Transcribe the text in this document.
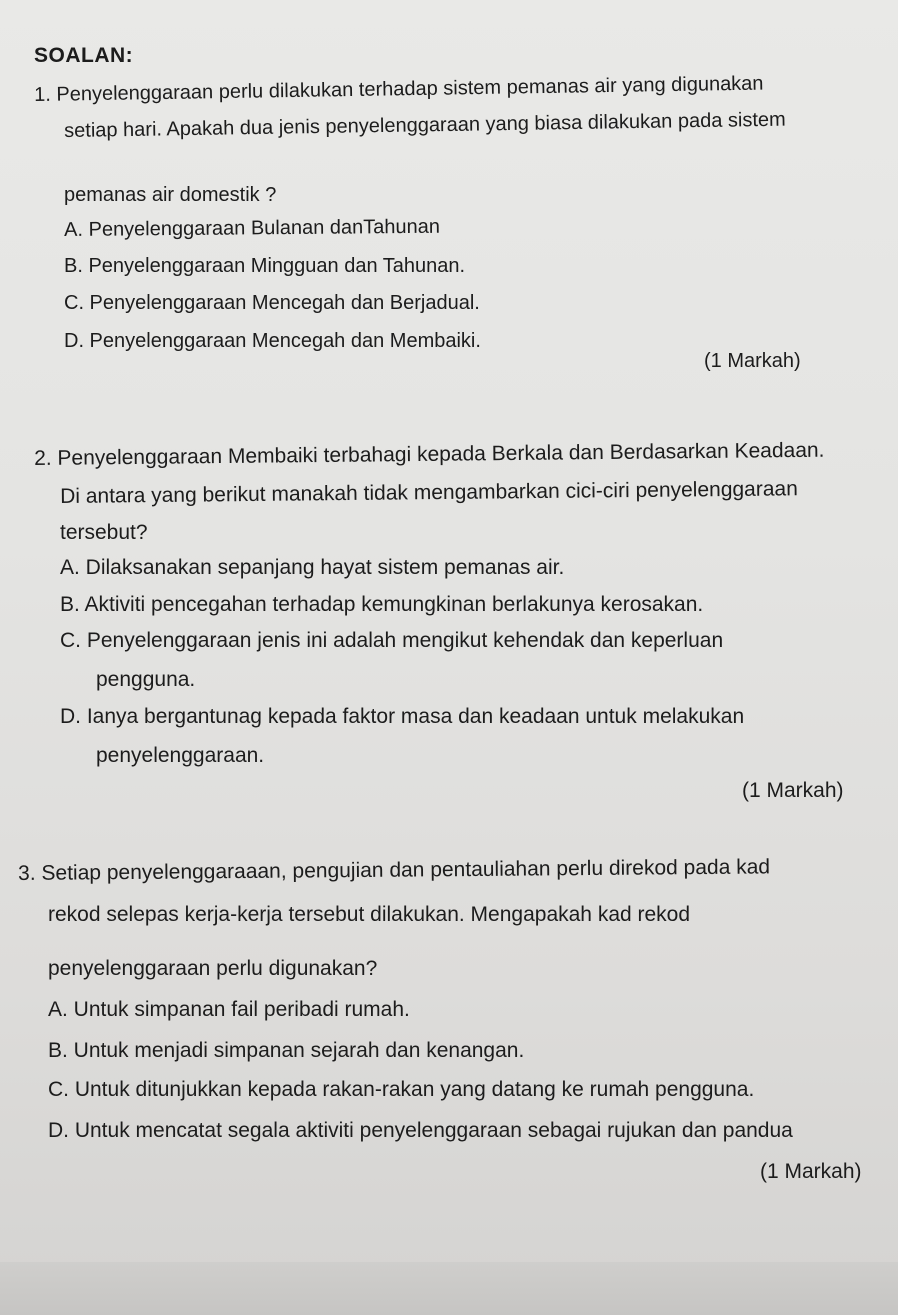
SOALAN:
1. Penyelenggaraan perlu dilakukan terhadap sistem pemanas air yang digunakan
setiap hari. Apakah dua jenis penyelenggaraan yang biasa dilakukan pada sistem
pemanas air domestik ?
A. Penyelenggaraan Bulanan danTahunan
B. Penyelenggaraan Mingguan dan Tahunan.
C. Penyelenggaraan Mencegah dan Berjadual.
D. Penyelenggaraan Mencegah dan Membaiki.
(1 Markah)
2. Penyelenggaraan Membaiki terbahagi kepada Berkala dan Berdasarkan Keadaan.
Di antara yang berikut manakah tidak mengambarkan cici-ciri penyelenggaraan
tersebut?
A. Dilaksanakan sepanjang hayat sistem pemanas air.
B. Aktiviti pencegahan terhadap kemungkinan berlakunya kerosakan.
C. Penyelenggaraan jenis ini adalah mengikut kehendak dan keperluan
pengguna.
D. Ianya bergantunag kepada faktor masa dan keadaan untuk melakukan
penyelenggaraan.
(1 Markah)
3. Setiap penyelenggaraaan, pengujian dan pentauliahan perlu direkod pada kad
rekod selepas kerja-kerja tersebut dilakukan. Mengapakah kad rekod
penyelenggaraan perlu digunakan?
A. Untuk simpanan fail peribadi rumah.
B. Untuk menjadi simpanan sejarah dan kenangan.
C. Untuk ditunjukkan kepada rakan-rakan yang datang ke rumah pengguna.
D. Untuk mencatat segala aktiviti penyelenggaraan sebagai rujukan dan pandua
(1 Markah)
